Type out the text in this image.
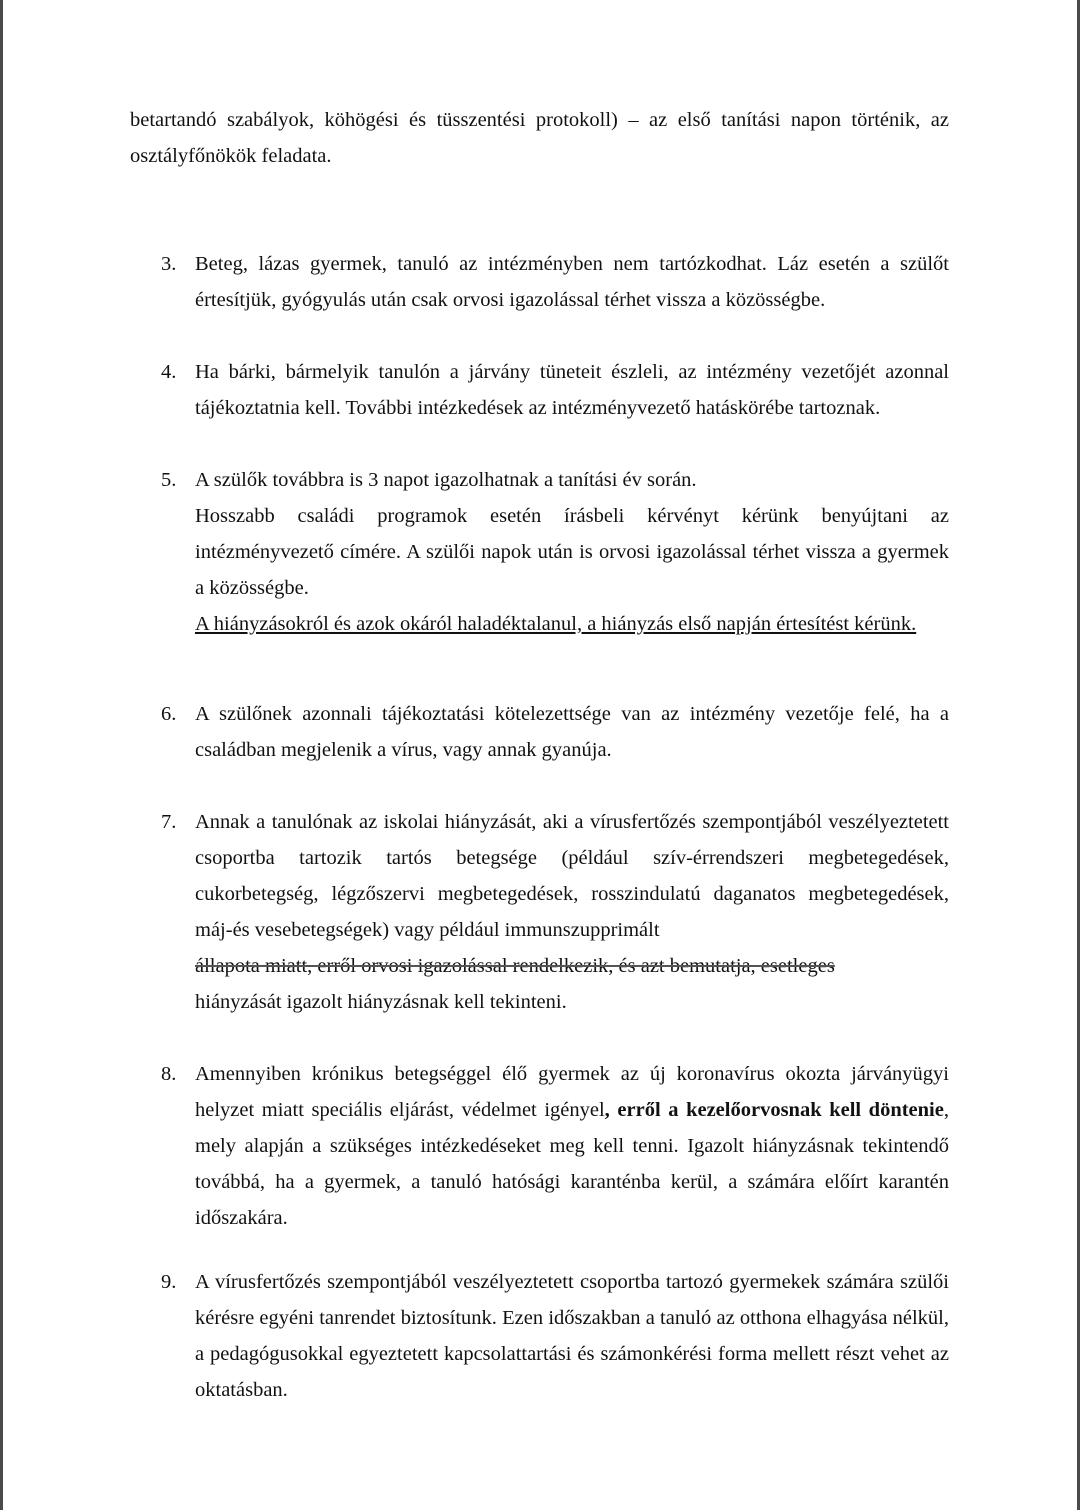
betartandó szabályok, köhögési és tüsszentési protokoll) – az első tanítási napon történik, az osztályfőnökök feladata.

3. Beteg, lázas gyermek, tanuló az intézményben nem tartózkodhat. Láz esetén a szülőt értesítjük, gyógyulás után csak orvosi igazolással térhet vissza a közösségbe.

4. Ha bárki, bármelyik tanulón a járvány tüneteit észleli, az intézmény vezetőjét azonnal tájékoztatnia kell. További intézkedések az intézményvezető hatáskörébe tartoznak.

5. A szülők továbbra is 3 napot igazolhatnak a tanítási év során.

Hosszabb családi programok esetén írásbeli kérvényt kérünk benyújtani az intézményvezető címére. A szülői napok után is orvosi igazolással térhet vissza a gyermek a közösségbe.

A hiányzásokról és azok okáról haladéktalanul, a hiányzás első napján értesítést kérünk.

6. A szülőnek azonnali tájékoztatási kötelezettsége van az intézmény vezetője felé, ha a családban megjelenik a vírus, vagy annak gyanúja.

7. Annak a tanulónak az iskolai hiányzását, aki a vírusfertőzés szempontjából veszélyeztetett csoportba tartozik tartós betegsége (például szív-érrendszeri megbetegedések, cukorbetegség, légzőszervi megbetegedések, rosszindulatú daganatos megbetegedések, máj-és vesebetegségek) vagy például immunszupprimált

állapota miatt, erről orvosi igazolással rendelkezik, és azt bemutatja, esetleges

hiányzását igazolt hiányzásnak kell tekinteni.

8. Amennyiben krónikus betegséggel élő gyermek az új koronavírus okozta járványügyi helyzet miatt speciális eljárást, védelmet igényel, erről a kezelőorvosnak kell döntenie, mely alapján a szükséges intézkedéseket meg kell tenni. Igazolt hiányzásnak tekintendő továbbá, ha a gyermek, a tanuló hatósági karanténba kerül, a számára előírt karantén időszakára.

9. A vírusfertőzés szempontjából veszélyeztetett csoportba tartozó gyermekek számára szülői kérésre egyéni tanrendet biztosítunk. Ezen időszakban a tanuló az otthona elhagyása nélkül, a pedagógusokkal egyeztetett kapcsolattartási és számonkérési forma mellett részt vehet az oktatásban.
